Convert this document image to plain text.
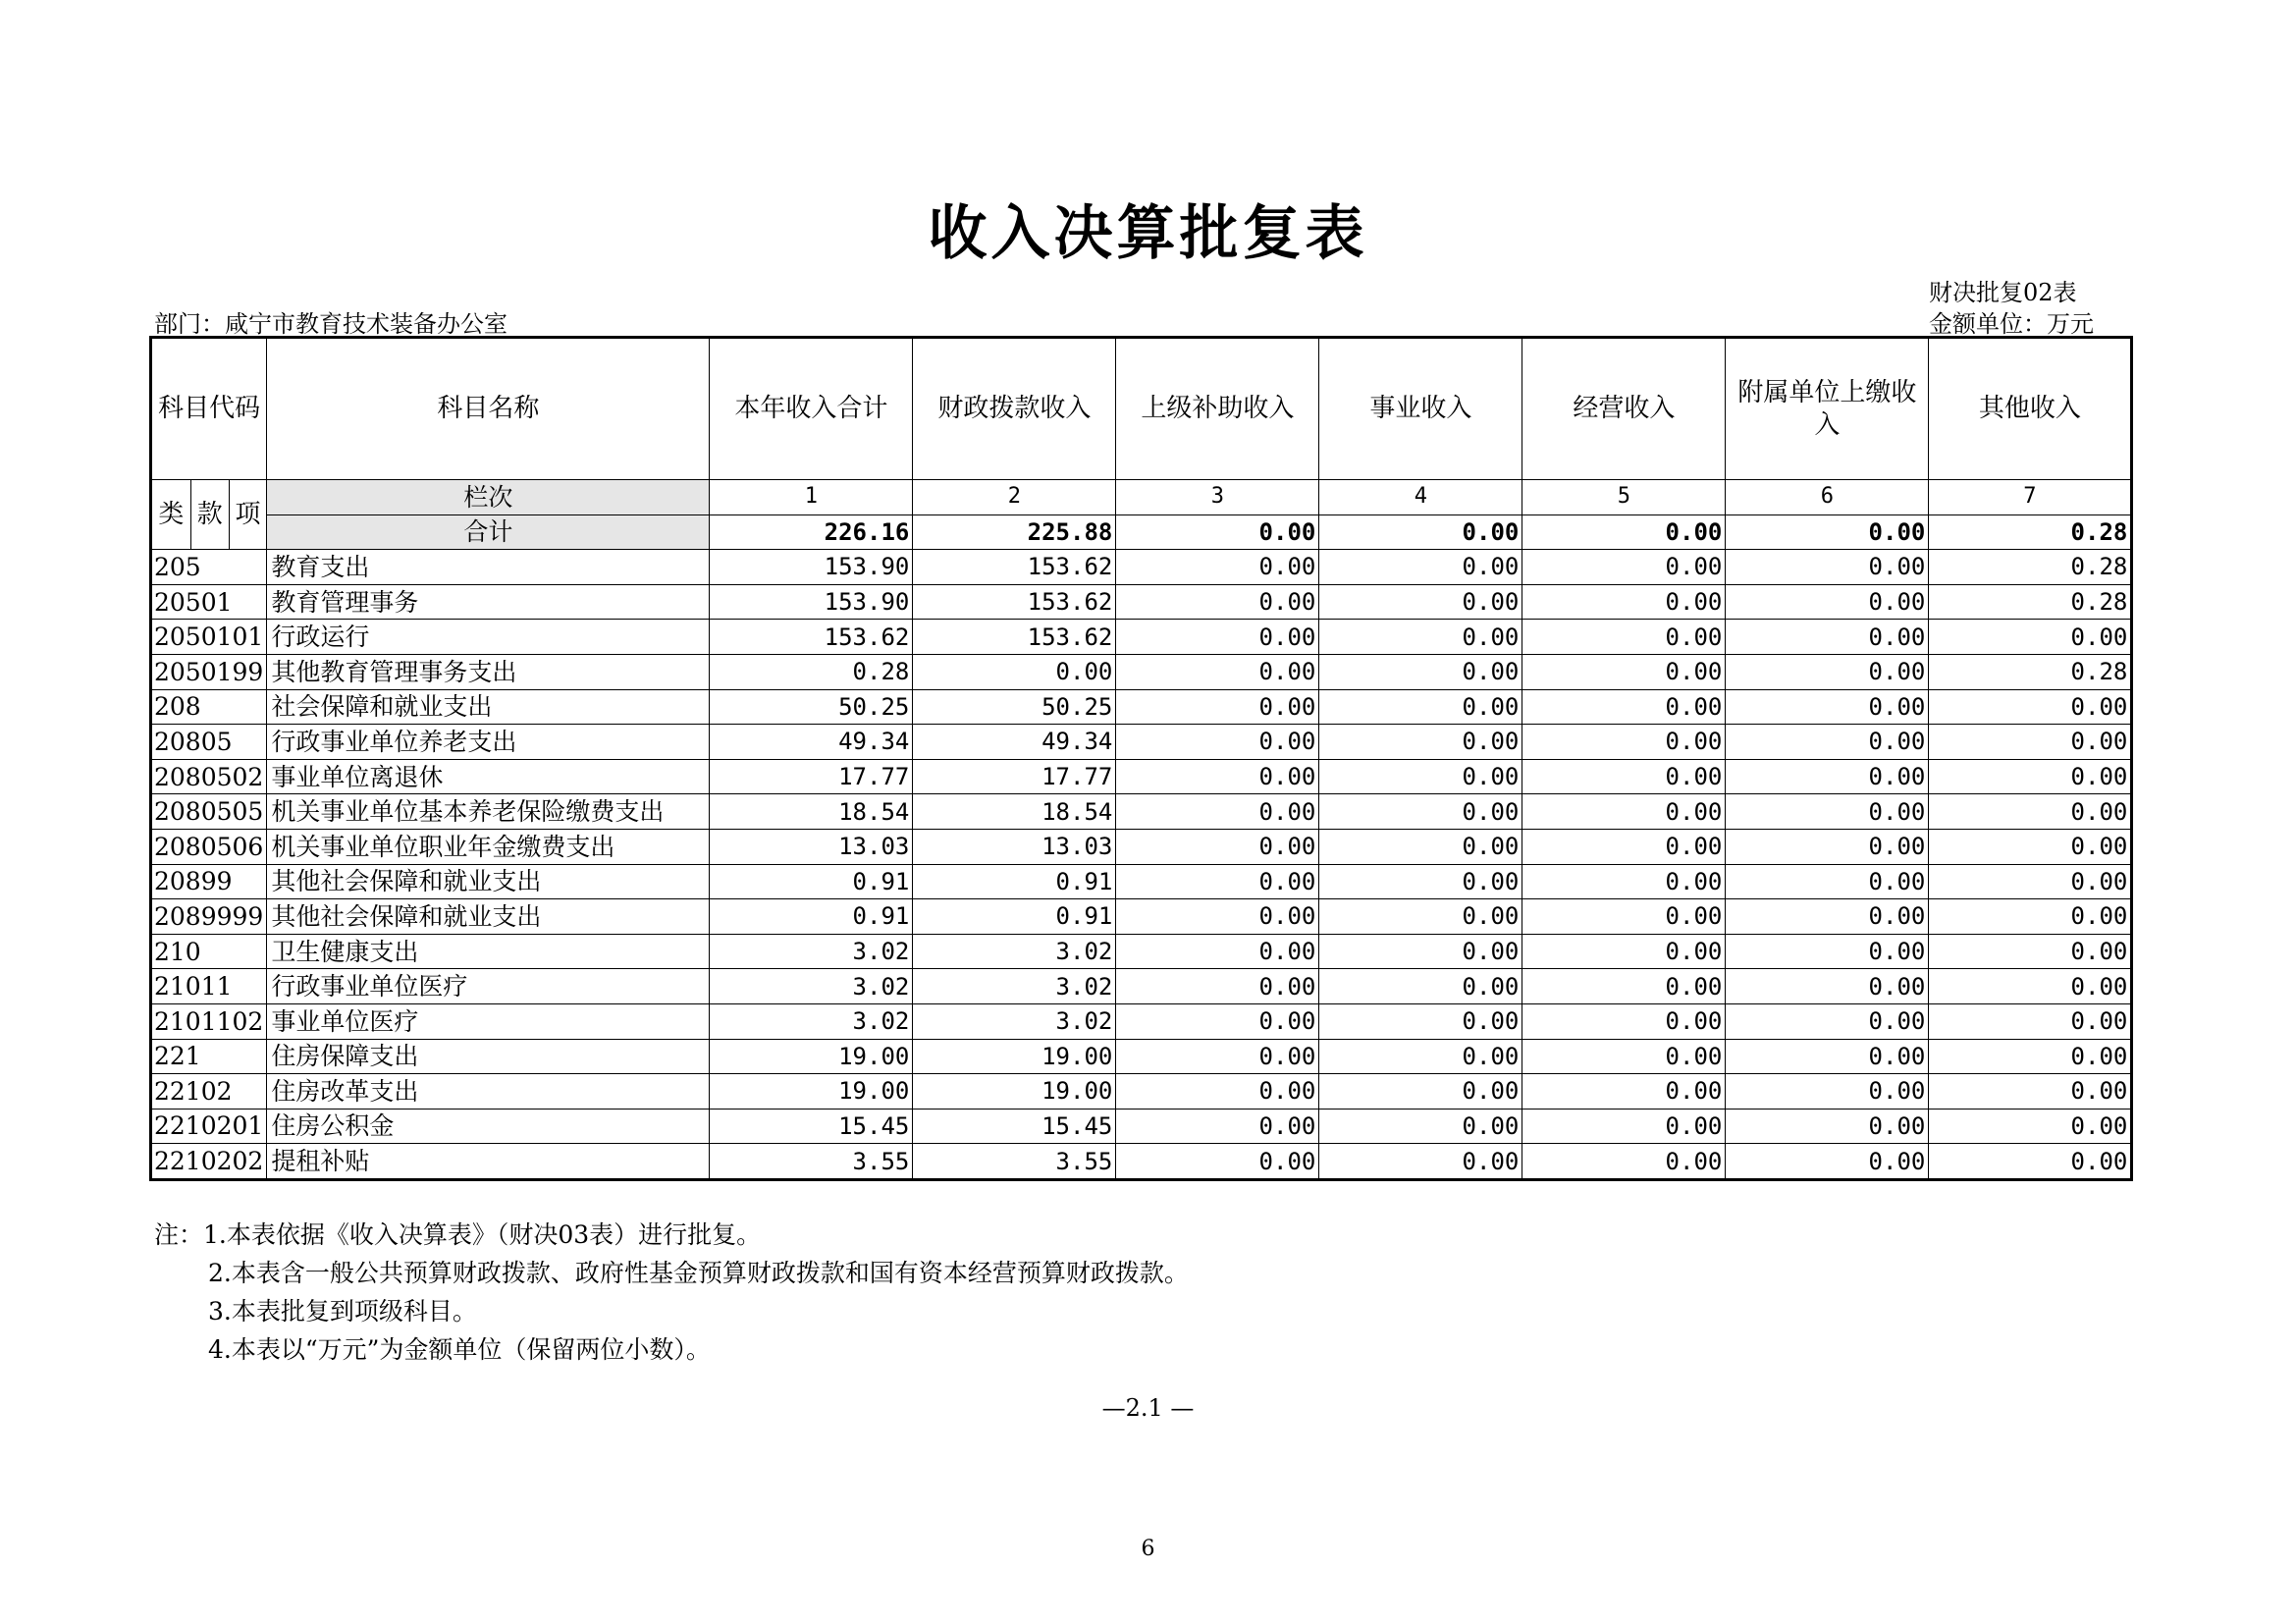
收入决算批复表
财决批复02表
部门：咸宁市教育技术装备办公室	金额单位：万元
科目代码			科目名称	本年收入合计	财政拨款收入	上级补助收入	事业收入	经营收入	附属单位上缴收入	其他收入
类	款	项	栏次	1	2	3	4	5	6	7
			合计	226.16	225.88	0.00	0.00	0.00	0.00	0.28
205			教育支出	153.90	153.62	0.00	0.00	0.00	0.00	0.28
20501			教育管理事务	153.90	153.62	0.00	0.00	0.00	0.00	0.28
2050101			行政运行	153.62	153.62	0.00	0.00	0.00	0.00	0.00
2050199			其他教育管理事务支出	0.28	0.00	0.00	0.00	0.00	0.00	0.28
208			社会保障和就业支出	50.25	50.25	0.00	0.00	0.00	0.00	0.00
20805			行政事业单位养老支出	49.34	49.34	0.00	0.00	0.00	0.00	0.00
2080502			事业单位离退休	17.77	17.77	0.00	0.00	0.00	0.00	0.00
2080505			机关事业单位基本养老保险缴费支出	18.54	18.54	0.00	0.00	0.00	0.00	0.00
2080506			机关事业单位职业年金缴费支出	13.03	13.03	0.00	0.00	0.00	0.00	0.00
20899			其他社会保障和就业支出	0.91	0.91	0.00	0.00	0.00	0.00	0.00
2089999			其他社会保障和就业支出	0.91	0.91	0.00	0.00	0.00	0.00	0.00
210			卫生健康支出	3.02	3.02	0.00	0.00	0.00	0.00	0.00
21011			行政事业单位医疗	3.02	3.02	0.00	0.00	0.00	0.00	0.00
2101102			事业单位医疗	3.02	3.02	0.00	0.00	0.00	0.00	0.00
221			住房保障支出	19.00	19.00	0.00	0.00	0.00	0.00	0.00
22102			住房改革支出	19.00	19.00	0.00	0.00	0.00	0.00	0.00
2210201			住房公积金	15.45	15.45	0.00	0.00	0.00	0.00	0.00
2210202			提租补贴	3.55	3.55	0.00	0.00	0.00	0.00	0.00
注：1.本表依据《收入决算表》（财决03表）进行批复。
2.本表含一般公共预算财政拨款、政府性基金预算财政拨款和国有资本经营预算财政拨款。
3.本表批复到项级科目。
4.本表以“万元”为金额单位（保留两位小数）。
—2.1 —
6
